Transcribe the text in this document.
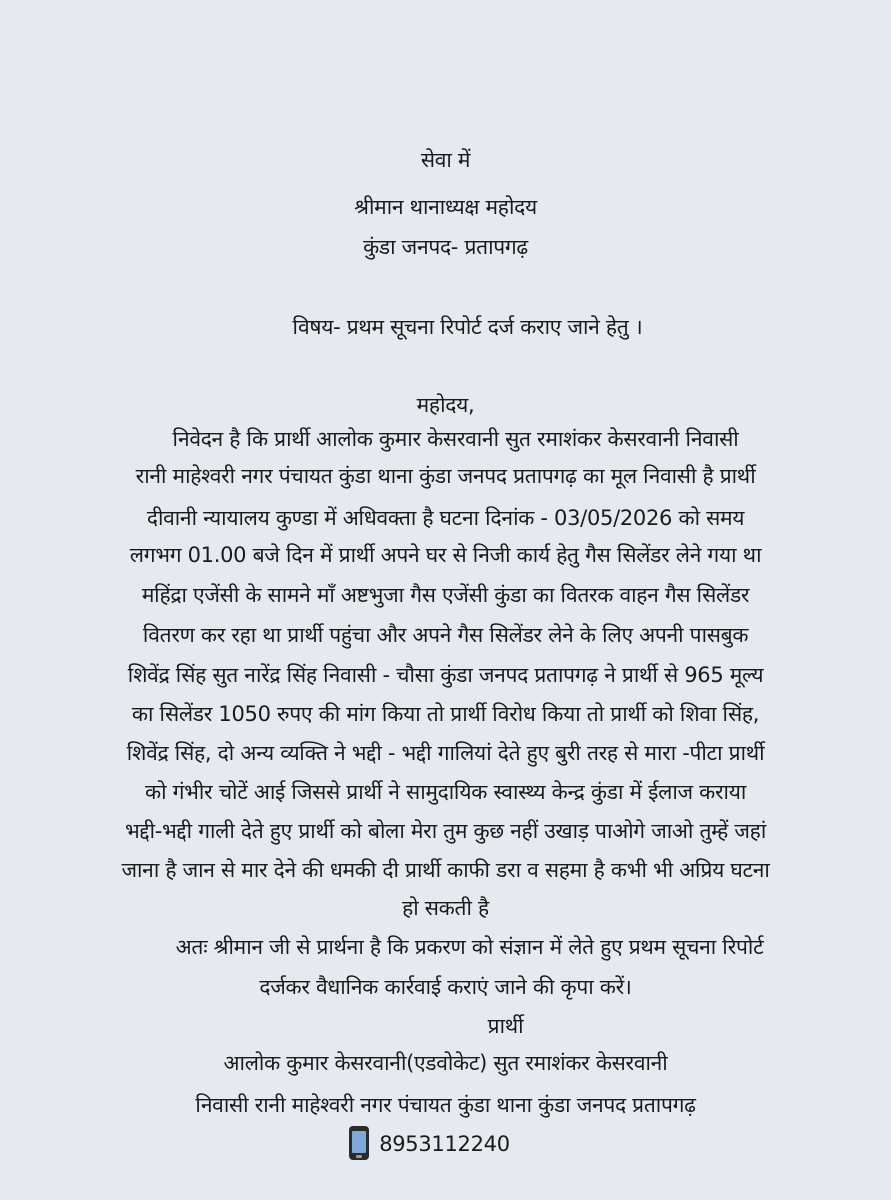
सेवा में
श्रीमान थानाध्यक्ष महोदय
कुंडा जनपद- प्रतापगढ़
विषय- प्रथम सूचना रिपोर्ट दर्ज कराए जाने हेतु ।
महोदय,
निवेदन है कि प्रार्थी आलोक कुमार केसरवानी सुत रमाशंकर केसरवानी निवासी
रानी माहेश्वरी नगर पंचायत कुंडा थाना कुंडा जनपद प्रतापगढ़ का मूल निवासी है प्रार्थी
दीवानी न्यायालय कुण्डा में अधिवक्ता है घटना दिनांक - 03/05/2026 को समय
लगभग 01.00 बजे दिन में प्रार्थी अपने घर से निजी कार्य हेतु गैस सिलेंडर लेने गया था
महिंद्रा एजेंसी के सामने माँ अष्टभुजा गैस एजेंसी कुंडा का वितरक वाहन गैस सिलेंडर
वितरण कर रहा था प्रार्थी पहुंचा और अपने गैस सिलेंडर लेने के लिए अपनी पासबुक
शिवेंद्र सिंह सुत नारेंद्र सिंह निवासी - चौसा कुंडा जनपद प्रतापगढ़ ने प्रार्थी से 965 मूल्य
का सिलेंडर 1050 रुपए की मांग किया तो प्रार्थी विरोध किया तो प्रार्थी को शिवा सिंह,
शिवेंद्र सिंह, दो अन्य व्यक्ति ने भद्दी - भद्दी गालियां देते हुए बुरी तरह से मारा -पीटा प्रार्थी
को गंभीर चोटें आई जिससे प्रार्थी ने सामुदायिक स्वास्थ्य केन्द्र कुंडा में ईलाज कराया
भद्दी-भद्दी गाली देते हुए प्रार्थी को बोला मेरा तुम कुछ नहीं उखाड़ पाओगे जाओ तुम्हें जहां
जाना है जान से मार देने की धमकी दी प्रार्थी काफी डरा व सहमा है कभी भी अप्रिय घटना
हो सकती है
अतः श्रीमान जी से प्रार्थना है कि प्रकरण को संज्ञान में लेते हुए प्रथम सूचना रिपोर्ट
दर्जकर वैधानिक कार्रवाई कराएं जाने की कृपा करें।
प्रार्थी
आलोक कुमार केसरवानी(एडवोकेट) सुत रमाशंकर केसरवानी
निवासी रानी माहेश्वरी नगर पंचायत कुंडा थाना कुंडा जनपद प्रतापगढ़
8953112240
